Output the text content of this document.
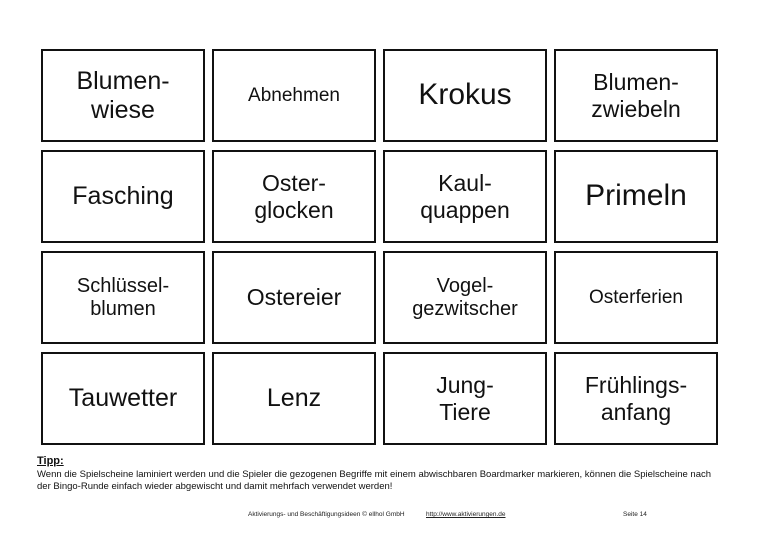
Blumen-
wiese
Abnehmen	Krokus	Blumen-
zwiebeln
Fasching	Oster-
glocken
Kaul-
quappen	Primeln
Schlüssel-
blumen	Ostereier	Vogel-
gezwitscher
Osterferien
Tauwetter	Lenz	Jung-
Tiere
Frühlings-
anfang
Tipp:
Wenn die Spielscheine laminiert werden und die Spieler die gezogenen Begriffe mit einem abwischbaren Boardmarker markieren, können die Spielscheine nach der Bingo-Runde einfach wieder abgewischt und damit mehrfach verwendet werden!
Aktivierungs- und Beschäftigungsideen © ellhol GmbH	http://www.aktivierungen.de	Seite 14
